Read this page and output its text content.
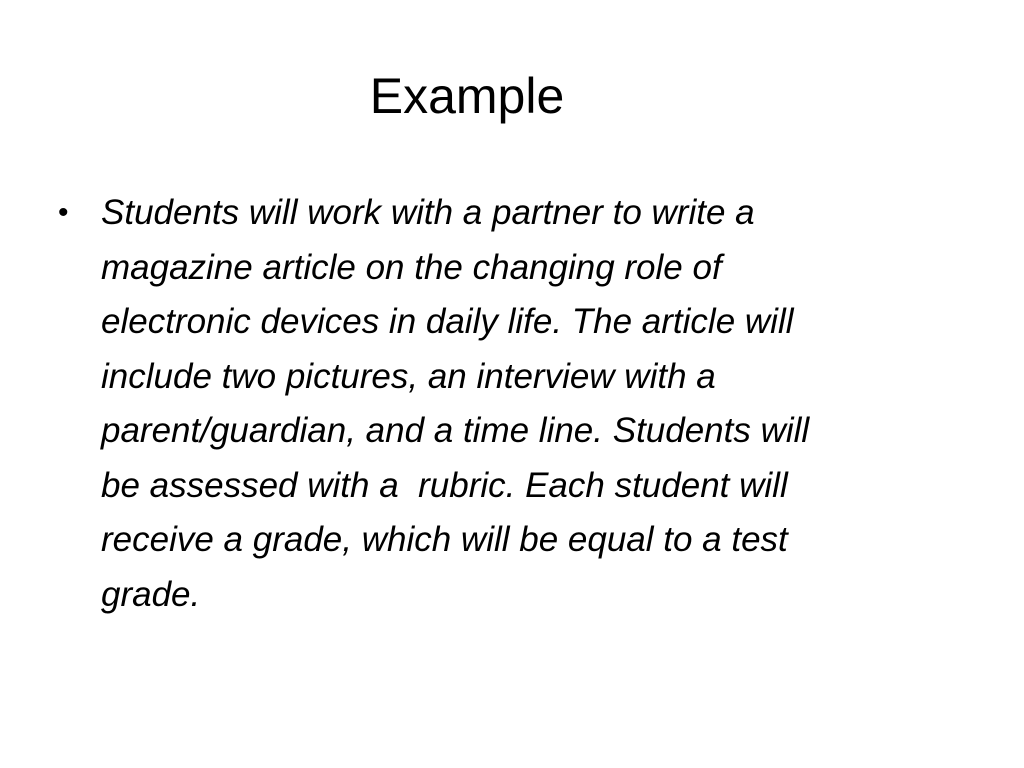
Example
• Students will work with a partner to write a
magazine article on the changing role of
electronic devices in daily life. The article will
include two pictures, an interview with a
parent/guardian, and a time line. Students will
be assessed with a  rubric. Each student will
receive a grade, which will be equal to a test
grade.
